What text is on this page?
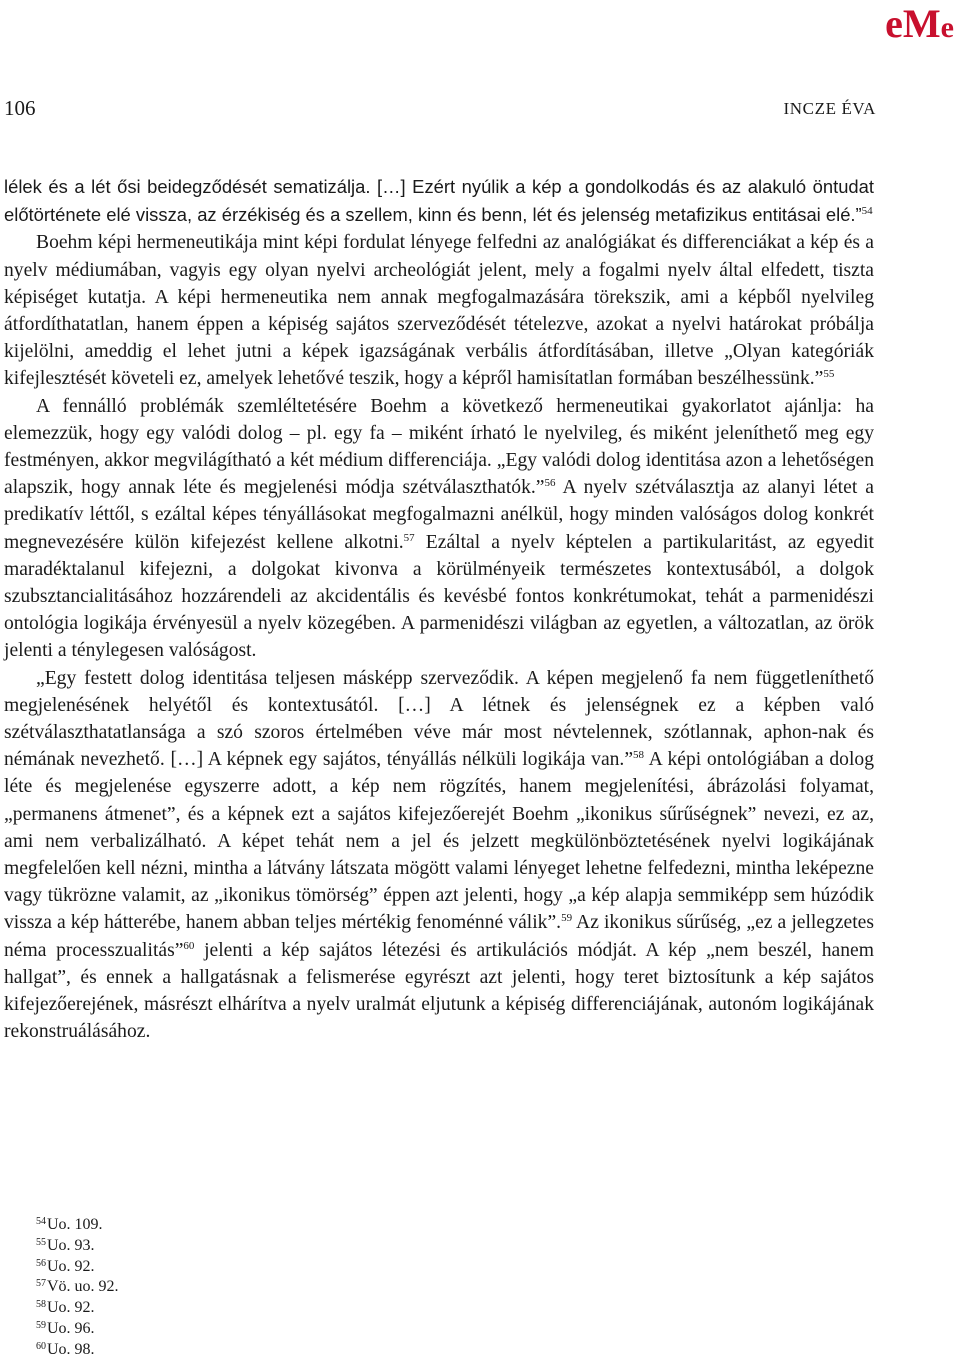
eMe
106	INCZE ÉVA

lélek és a lét ősi beidegződését sematizálja. […] Ezért nyúlik a kép a gondolkodás és az alakuló öntudat előtörténete elé vissza, az érzékiség és a szellem, kinn és benn, lét és jelenség metafizikus entitásai elé.”$^{54}$

Boehm képi hermeneutikája mint képi fordulat lényege felfedni az analógiákat és differenciákat a kép és a nyelv médiumában, vagyis egy olyan nyelvi archeológiát jelent, mely a fogalmi nyelv által elfedett, tiszta képiséget kutatja. A képi hermeneutika nem annak megfogalmazására törekszik, ami a képből nyelvileg átfordíthatatlan, hanem éppen a képiség sajátos szerveződését tételezve, azokat a nyelvi határokat próbálja kijelölni, ameddig el lehet jutni a képek igazságának verbális átfordításában, illetve „Olyan kategóriák kifejlesztését követeli ez, amelyek lehetővé teszik, hogy a képről hamisítatlan formában beszélhessünk.”$^{55}$

A fennálló problémák szemléltetésére Boehm a következő hermeneutikai gyakorlatot ajánlja: ha elemezzük, hogy egy valódi dolog – pl. egy fa – miként írható le nyelvileg, és miként jeleníthető meg egy festményen, akkor megvilágítható a két médium differenciája. „Egy valódi dolog identitása azon a lehetőségen alapszik, hogy annak léte és megjelenési módja szétválaszthatók.”$^{56}$ A nyelv szétválasztja az alanyi létet a predikatív léttől, s ezáltal képes tényállásokat megfogalmazni anélkül, hogy minden valóságos dolog konkrét megnevezésére külön kifejezést kellene alkotni.$^{57}$ Ezáltal a nyelv képtelen a partikularitást, az egyedit maradéktalanul kifejezni, a dolgokat kivonva a körülményeik természetes kontextusából, a dolgok szubsztancialitásához hozzárendeli az akcidentális és kevésbé fontos konkrétumokat, tehát a parmenidészi ontológia logikája érvényesül a nyelv közegében. A parmenidészi világban az egyetlen, a változatlan, az örök jelenti a ténylegesen valóságost.

„Egy festett dolog identitása teljesen másképp szerveződik. A képen megjelenő fa nem függetleníthető megjelenésének helyétől és kontextusától. […] A létnek és jelenségnek ez a képben való szétválaszthatatlansága a szó szoros értelmében véve már most névtelennek, szótlannak, aphon-nak és némának nevezhető. […] A képnek egy sajátos, tényállás nélküli logikája van.”$^{58}$ A képi ontológiában a dolog léte és megjelenése egyszerre adott, a kép nem rögzítés, hanem megjelenítési, ábrázolási folyamat, „permanens átmenet”, és a képnek ezt a sajátos kifejezőerejét Boehm „ikonikus sűrűségnek” nevezi, ez az, ami nem verbalizálható. A képet tehát nem a jel és jelzett megkülönböztetésének nyelvi logikájának megfelelően kell nézni, mintha a látvány látszata mögött valami lényeget lehetne felfedezni, mintha leképezne vagy tükrözne valamit, az „ikonikus tömörség” éppen azt jelenti, hogy „a kép alapja semmiképp sem húzódik vissza a kép hátterébe, hanem abban teljes mértékig fenoménné válik”.$^{59}$ Az ikonikus sűrűség, „ez a jellegzetes néma processzualitás”$^{60}$ jelenti a kép sajátos létezési és artikulációs módját. A kép „nem beszél, hanem hallgat”, és ennek a hallgatásnak a felismerése egyrészt azt jelenti, hogy teret biztosítunk a kép sajátos kifejezőerejének, másrészt elhárítva a nyelv uralmát eljutunk a képiség differenciájának, autonóm logikájának rekonstruálásához.

$^{54}$Uo. 109.
$^{55}$Uo. 93.
$^{56}$Uo. 92.
$^{57}$Vö. uo. 92.
$^{58}$Uo. 92.
$^{59}$Uo. 96.
$^{60}$Uo. 98.
